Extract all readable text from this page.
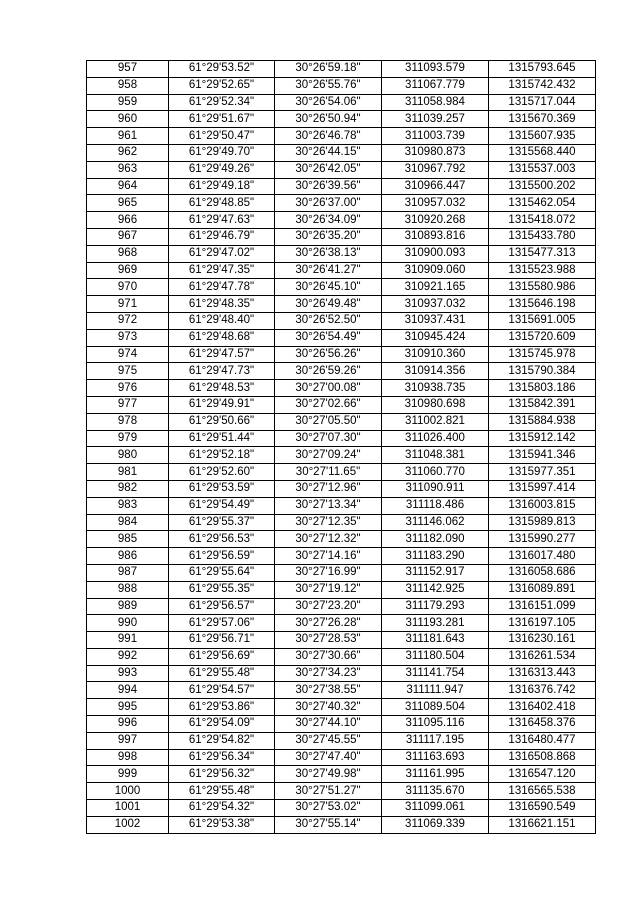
957	61°29'53.52"	30°26'59.18"	311093.579	1315793.645
958	61°29'52.65"	30°26'55.76"	311067.779	1315742.432
959	61°29'52.34"	30°26'54.06"	311058.984	1315717.044
960	61°29'51.67"	30°26'50.94"	311039.257	1315670.369
961	61°29'50.47"	30°26'46.78"	311003.739	1315607.935
962	61°29'49.70"	30°26'44.15"	310980.873	1315568.440
963	61°29'49.26"	30°26'42.05"	310967.792	1315537.003
964	61°29'49.18"	30°26'39.56"	310966.447	1315500.202
965	61°29'48.85"	30°26'37.00"	310957.032	1315462.054
966	61°29'47.63"	30°26'34.09"	310920.268	1315418.072
967	61°29'46.79"	30°26'35.20"	310893.816	1315433.780
968	61°29'47.02"	30°26'38.13"	310900.093	1315477.313
969	61°29'47.35"	30°26'41.27"	310909.060	1315523.988
970	61°29'47.78"	30°26'45.10"	310921.165	1315580.986
971	61°29'48.35"	30°26'49.48"	310937.032	1315646.198
972	61°29'48.40"	30°26'52.50"	310937.431	1315691.005
973	61°29'48.68"	30°26'54.49"	310945.424	1315720.609
974	61°29'47.57"	30°26'56.26"	310910.360	1315745.978
975	61°29'47.73"	30°26'59.26"	310914.356	1315790.384
976	61°29'48.53"	30°27'00.08"	310938.735	1315803.186
977	61°29'49.91"	30°27'02.66"	310980.698	1315842.391
978	61°29'50.66"	30°27'05.50"	311002.821	1315884.938
979	61°29'51.44"	30°27'07.30"	311026.400	1315912.142
980	61°29'52.18"	30°27'09.24"	311048.381	1315941.346
981	61°29'52.60"	30°27'11.65"	311060.770	1315977.351
982	61°29'53.59"	30°27'12.96"	311090.911	1315997.414
983	61°29'54.49"	30°27'13.34"	311118.486	1316003.815
984	61°29'55.37"	30°27'12.35"	311146.062	1315989.813
985	61°29'56.53"	30°27'12.32"	311182.090	1315990.277
986	61°29'56.59"	30°27'14.16"	311183.290	1316017.480
987	61°29'55.64"	30°27'16.99"	311152.917	1316058.686
988	61°29'55.35"	30°27'19.12"	311142.925	1316089.891
989	61°29'56.57"	30°27'23.20"	311179.293	1316151.099
990	61°29'57.06"	30°27'26.28"	311193.281	1316197.105
991	61°29'56.71"	30°27'28.53"	311181.643	1316230.161
992	61°29'56.69"	30°27'30.66"	311180.504	1316261.534
993	61°29'55.48"	30°27'34.23"	311141.754	1316313.443
994	61°29'54.57"	30°27'38.55"	311111.947	1316376.742
995	61°29'53.86"	30°27'40.32"	311089.504	1316402.418
996	61°29'54.09"	30°27'44.10"	311095.116	1316458.376
997	61°29'54.82"	30°27'45.55"	311117.195	1316480.477
998	61°29'56.34"	30°27'47.40"	311163.693	1316508.868
999	61°29'56.32"	30°27'49.98"	311161.995	1316547.120
1000	61°29'55.48"	30°27'51.27"	311135.670	1316565.538
1001	61°29'54.32"	30°27'53.02"	311099.061	1316590.549
1002	61°29'53.38"	30°27'55.14"	311069.339	1316621.151
